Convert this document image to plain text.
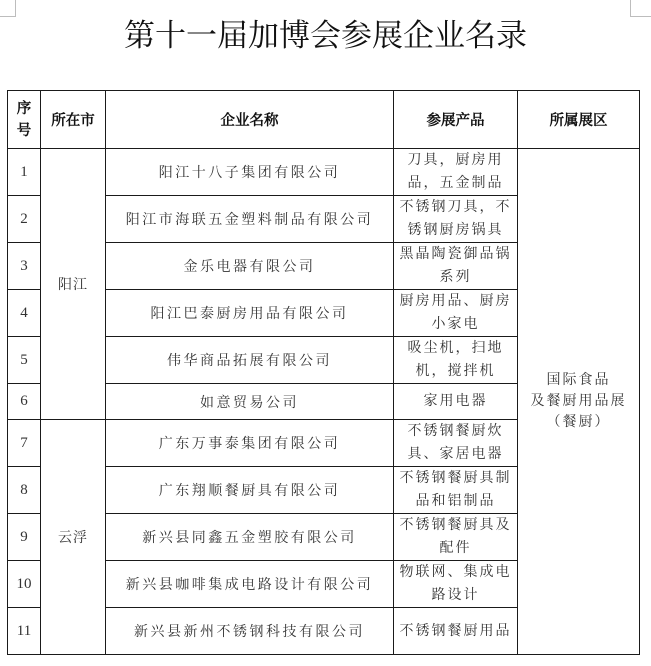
第十一届加博会参展企业名录
序号	所在市	企业名称	参展产品	所属展区
1	阳江	阳江十八子集团有限公司	刀具，厨房用品，五金制品	国际食品
及餐厨用品展
（餐厨）

2		阳江市海联五金塑料制品有限公司	不锈钢刀具，不锈钢厨房锅具	
3		金乐电器有限公司	黑晶陶瓷御品锅系列	
4		阳江巴泰厨房用品有限公司	厨房用品、厨房小家电	
5		伟华商品拓展有限公司	吸尘机，扫地机，搅拌机	
6		如意贸易公司	家用电器	
7	云浮	广东万事泰集团有限公司	不锈钢餐厨炊具、家居电器	
8		广东翔顺餐厨具有限公司	不锈钢餐厨具制品和铝制品	
9		新兴县同鑫五金塑胶有限公司	不锈钢餐厨具及配件	
10		新兴县咖啡集成电路设计有限公司	物联网、集成电路设计	
11		新兴县新州不锈钢科技有限公司	不锈钢餐厨用品	
